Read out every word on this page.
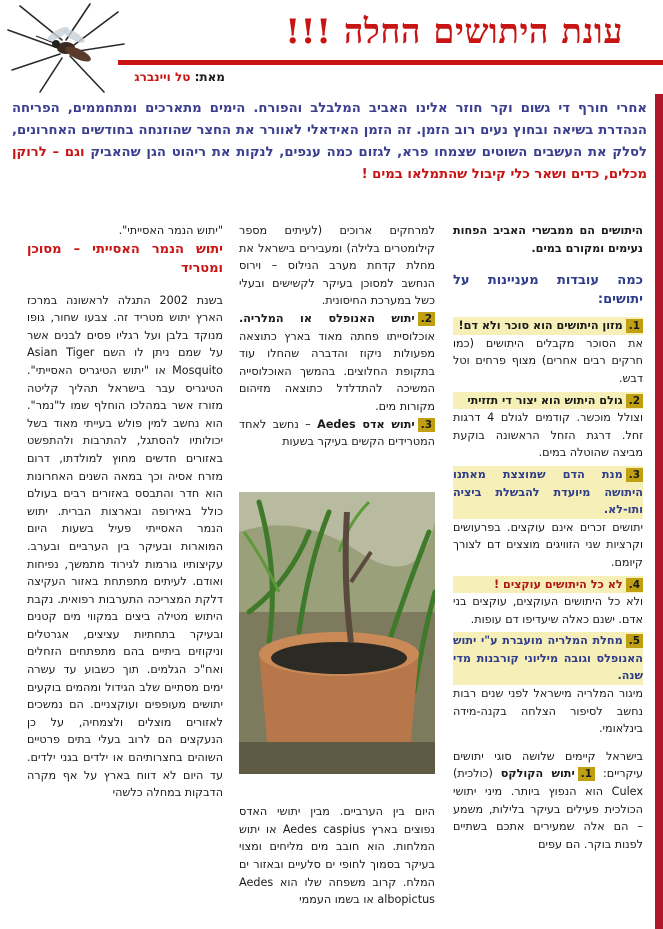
עונת היתושים החלה !!!
מאת: טל ויינברג
אחרי חורף די גשום וקר חוזר אלינו האביב המלבלב והפורח. הימים מתארכים ומתחממים, הפריחה הנהדרת בשיאה ובחוץ נעים רוב הזמן. זה הזמן האידאלי לאוורר את החצר שהוזנחה בחודשים האחרונים, לסלק את העשבים השוטים שצמחו פרא, לגזום כמה ענפים, לנקות את ריהוט הגן שהאביק וגם – לרוקן מכלים, כדים ושאר כלי קיבול שהתמלאו במים !

היתושים הם ממבשרי האביב הפחות נעימים ומקורם במים.

כמה עובדות מעניינות על יתושים:

1.מזון היתושים הוא סוכר ולא דם!
את הסוכר מקבלים היתושים (כמו חרקים רבים אחרים) מצוף פרחים וטל דבש.

2.גולם היתוש הוא יצור די תזזיתי
וצולל מוכשר. קודמים לגולם 4 דרגות זחל. דרגת הזחל הראשונה בוקעת מביצה שהוטלה במים.

3.מנת הדם שמוצצת מאתנו היתושה מיועדת להבשלת ביציה ותו-לא.
יתושים זכרים אינם עוקצים. בפרעושים וקרציות שני הזוויגים מוצצים דם לצורך קיומם.

4.לא כל היתושים עוקצים !
ולא כל היתושים העוקצים, עוקצים בני אדם. ישנם כאלה שיעדיפו דם עופות.

5.מחלת המלריה מועברת ע"י יתוש האנופלס וגובה מיליוני קורבנות מדי שנה.
מיגור המלריה מישראל לפני שנים רבות נחשב לסיפור הצלחה בקנה-מידה בינלאומי.

בישראל קיימים שלושה סוגי יתושים עיקריים: 1.יתוש הקולקס (כולכית) Culex הוא הנפוץ ביותר. מיני יתושי הכולכית פעילים בעיקר בלילות, משמע – הם אלה שמעירים אתכם בשתיים לפנות בוקר. הם עפים

למרחקים ארוכים (לעיתים מספר קילומטרים בלילה) ומעבירים בישראל את מחלת קדחת מערב הנילוס – וירוס הנחשב למסוכן בעיקר לקשישים ובעלי כשל במערכת החיסונית.

2.יתוש האנופלס או המלריה. אוכלוסייתו פחתה מאוד בארץ כתוצאה מפעולות ניקוז והדברה שהחלו עוד בתקופת החלוצים. בהמשך האוכלוסייה המשיכה להתדלדל כתוצאה מזיהום מקורות מים.

3.יתוש אדס Aedes – נחשב לאחד המטרידים הקשים בעיקר בשעות

היום בין הערביים. מבין יתושי האדס נפוצים בארץ Aedes caspius או יתוש המלחות. הוא חובב מים מליחים ומצוי בעיקר בסמוך לחופי ים סלעיים ובאזור ים המלח. קרוב משפחה שלו הוא Aedes albopictus או בשמו העממי

"יתוש הנמר האסייתי".

יתוש הנמר האסייתי – מסוכן ומטריד

בשנת 2002 התגלה לראשונה במרכז הארץ יתוש מטריד זה. צבעו שחור, גופו מנוקד בלבן ועל רגליו פסים לבנים אשר על שמם ניתן לו השם Asian Tiger Mosquito או "יתוש הטיגריס האסייתי". הטיגריס עבר בישראל תהליך קליטה מזורז אשר במהלכו הוחלף שמו ל"נמר". הוא נחשב למין פולש בעייתי מאוד בשל יכולותיו להסתגל, להתרבות ולהתפשט באזורים חדשים מחוץ למולדתו, דרום מזרח אסיה וכך במאה השנים האחרונות הוא חדר והתבסס באזורים רבים בעולם כולל באירופה ובארצות הברית. יתוש הנמר האסייתי פעיל בשעות היום המוארות ובעיקר בין הערביים ובערב. עקיצותיו גורמות לגירוד מתמשך, נפיחות ואודם. לעיתים מתפתחת באזור העקיצה דלקת המצריכה התערבות רפואית. נקבת היתוש מטילה ביצים במקווי מים קטנים ובעיקר בתחתיות עציצים, אגרטלים וניקוזים ביתיים בהם מתפתחים הזחלים ואח"כ הגלמים. תוך כשבוע עד עשרה ימים מסתיים שלב הגידול ומהמים בוקעים יתושים מעופפים ועוקצניים. הם נמשכים לאזורים מוצלים ולצמחיה, על כן הנעקצים הם לרוב בעלי בתים פרטיים השוהים בחצרותיהם או ילדים בגני ילדים. עד היום לא דווח בארץ על אף מקרה הדבקות במחלה כלשהי
